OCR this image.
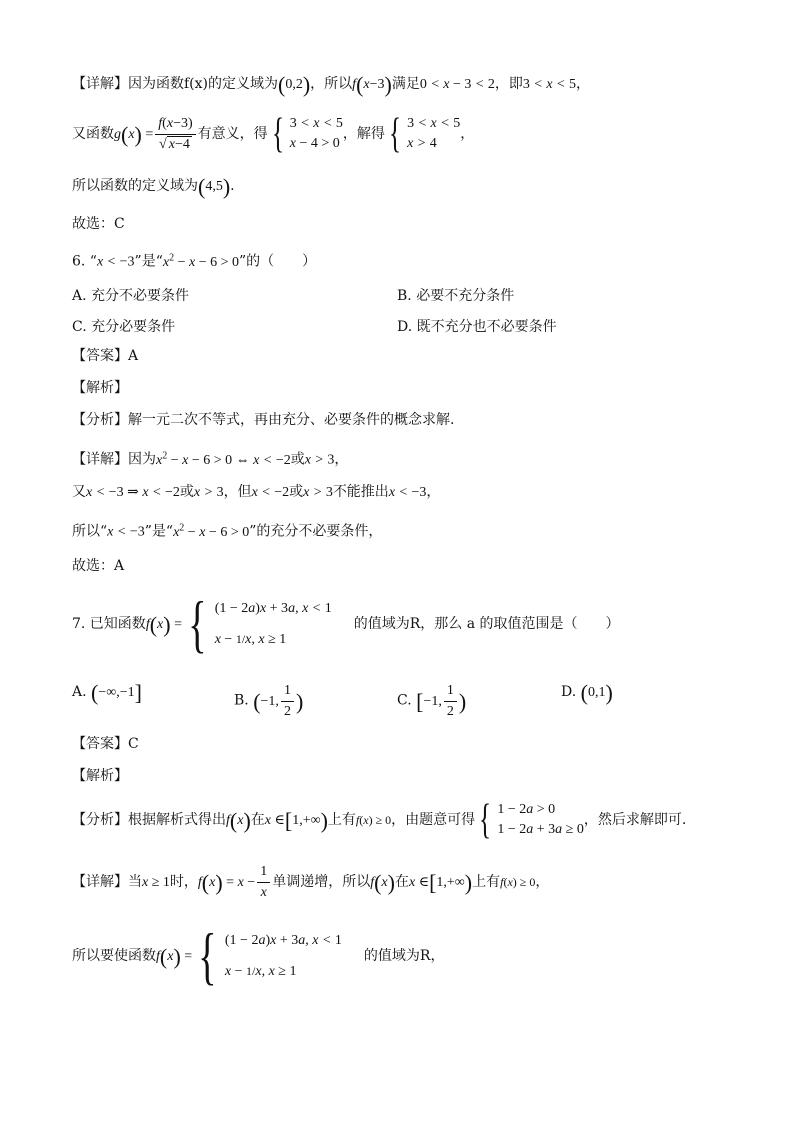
【详解】因为函数f(x)的定义域为(0,2)，所以f(x−3)满足0 < x − 3 < 2，即3 < x < 5，
又函数$g(x) = \frac{f(x-3)}{√ x-4}$ 有意义，得 { 3 < x < 5
x − 4 > 0
，解得 { 3 < x < 5
x > 4
，
所以函数的定义域为(4,5).
故选：C
6. “x < −3”是“$x^2 - x - 6 > 0$”的（　　）
A. 充分不必要条件	B. 必要不充分条件
C. 充分必要条件	D. 既不充分也不必要条件
【答案】A
【解析】
【分析】解一元二次不等式，再由充分、必要条件的概念求解.
【详解】因为$x^2 - x - 6 > 0$ ⇔ x < −2或x > 3，
又x < −3 ⇒ x < −2或x > 3，但x < −2或x > 3不能推出x < −3，
所以“x < −3”是“$x^2 - x - 6 > 0$”的充分不必要条件，
故选：A
7. 已知函数f(x) = { (1 − 2a)x + 3a, x < 1
x − 1/x, x ≥ 1
的值域为R，那么 a 的取值范围是（　　）
A. (−∞,−1]	B. (−1, $\frac{1}{2}$ )	C. [−1, $\frac{1}{2}$ )	D. (0,1)
【答案】C
【解析】
【分析】根据解析式得出f(x)在x ∈[1,+∞)上有f(x) ≥ 0，由题意可得 { 1 − 2a > 0
1 − 2a + 3a ≥ 0
，然后求解即可.
【详解】当x ≥ 1时，$f(x) = x - \frac{1}{x}$ 单调递增，所以f(x)在x ∈[1,+∞)上有f(x) ≥ 0，
所以要使函数f(x) = { (1 − 2a)x + 3a, x < 1
x − 1/x, x ≥ 1
的值域为R，
